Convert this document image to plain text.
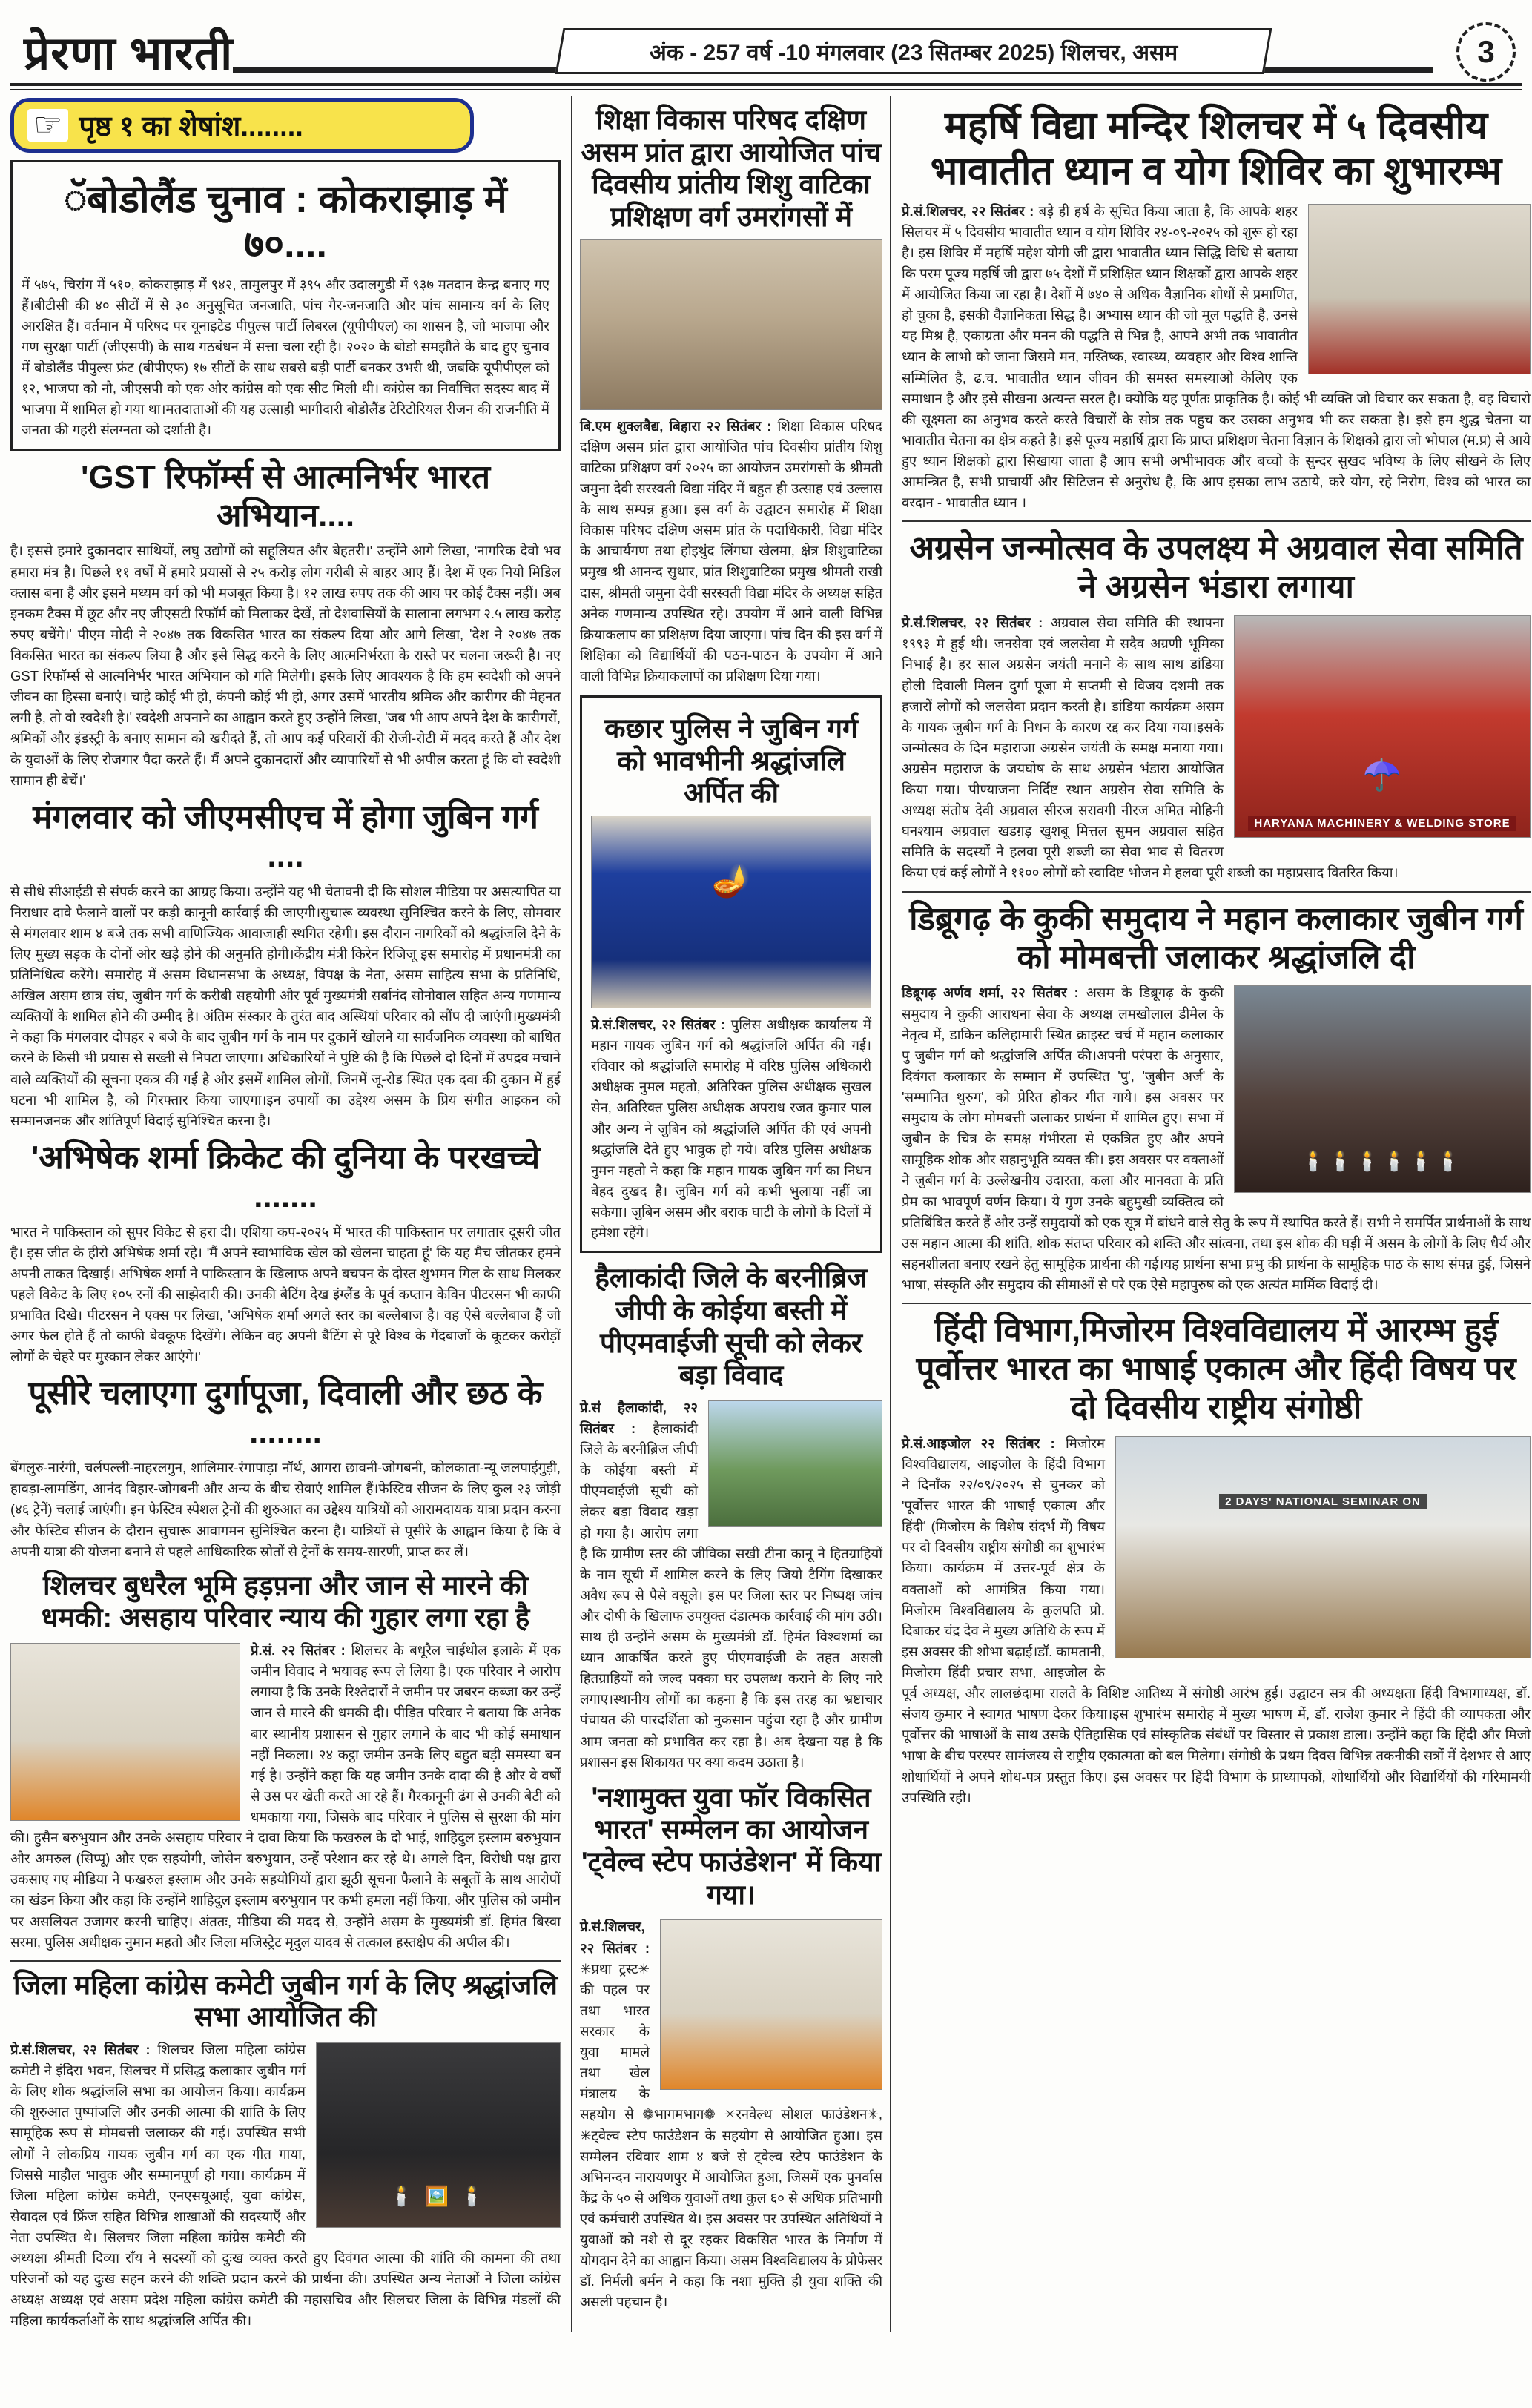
प्रेरणा भारती	अंक - 257 वर्ष -10 मंगलवार (23 सितम्बर 2025) शिलचर, असम	3
☞ पृष्ठ १ का शेषांश........
ॅबोडोलैंड चुनाव : कोकराझाड़ में ७०....
में ५७५, चिरांग में ५१०, कोकराझाड़ में ९४२, तामुलपुर में ३९५ और उदालगुडी में ९३७ मतदान केन्द्र बनाए गए हैं।बीटीसी की ४० सीटों में से ३० अनुसूचित जनजाति, पांच गैर-जनजाति और पांच सामान्य वर्ग के लिए आरक्षित हैं। वर्तमान में परिषद पर यूनाइटेड पीपुल्स पार्टी लिबरल (यूपीपीएल) का शासन है, जो भाजपा और गण सुरक्षा पार्टी (जीएसपी) के साथ गठबंधन में सत्ता चला रही है। २०२० के बोडो समझौते के बाद हुए चुनाव में बोडोलैंड पीपुल्स फ्रंट (बीपीएफ) १७ सीटों के साथ सबसे बड़ी पार्टी बनकर उभरी थी, जबकि यूपीपीएल को १२, भाजपा को नौ, जीएसपी को एक और कांग्रेस को एक सीट मिली थी। कांग्रेस का निर्वाचित सदस्य बाद में भाजपा में शामिल हो गया था।मतदाताओं की यह उत्साही भागीदारी बोडोलैंड टेरिटोरियल रीजन की राजनीति में जनता की गहरी संलग्नता को दर्शाती है।
'GST रिफॉर्म्स से आत्मनिर्भर भारत अभियान....
है। इससे हमारे दुकानदार साथियों, लघु उद्योगों को सहूलियत और बेहतरी।' उन्होंने आगे लिखा, 'नागरिक देवो भव हमारा मंत्र है। पिछले ११ वर्षों में हमारे प्रयासों से २५ करोड़ लोग गरीबी से बाहर आए हैं। देश में एक नियो मिडिल क्लास बना है और इसने मध्यम वर्ग को भी मजबूत किया है। १२ लाख रुपए तक की आय पर कोई टैक्स नहीं। अब इनकम टैक्स में छूट और नए जीएसटी रिफॉर्म को मिलाकर देखें, तो देशवासियों के सालाना लगभग २.५ लाख करोड़ रुपए बचेंगे।' पीएम मोदी ने २०४७ तक विकसित भारत का संकल्प दिया और आगे लिखा, 'देश ने २०४७ तक विकसित भारत का संकल्प लिया है और इसे सिद्ध करने के लिए आत्मनिर्भरता के रास्ते पर चलना जरूरी है। नए GST रिफॉर्म्स से आत्मनिर्भर भारत अभियान को गति मिलेगी। इसके लिए आवश्यक है कि हम स्वदेशी को अपने जीवन का हिस्सा बनाएं। चाहे कोई भी हो, कंपनी कोई भी हो, अगर उसमें भारतीय श्रमिक और कारीगर की मेहनत लगी है, तो वो स्वदेशी है।' स्वदेशी अपनाने का आह्वान करते हुए उन्होंने लिखा, 'जब भी आप अपने देश के कारीगरों, श्रमिकों और इंडस्ट्री के बनाए सामान को खरीदते हैं, तो आप कई परिवारों की रोजी-रोटी में मदद करते हैं और देश के युवाओं के लिए रोजगार पैदा करते हैं। मैं अपने दुकानदारों और व्यापारियों से भी अपील करता हूं कि वो स्वदेशी सामान ही बेचें।'
मंगलवार को जीएमसीएच में होगा जुबिन गर्ग ....
से सीधे सीआईडी से संपर्क करने का आग्रह किया। उन्होंने यह भी चेतावनी दी कि सोशल मीडिया पर असत्यापित या निराधार दावे फैलाने वालों पर कड़ी कानूनी कार्रवाई की जाएगी।सुचारू व्यवस्था सुनिश्चित करने के लिए, सोमवार से मंगलवार शाम ४ बजे तक सभी वाणिज्यिक आवाजाही स्थगित रहेगी। इस दौरान नागरिकों को श्रद्धांजलि देने के लिए मुख्य सड़क के दोनों ओर खड़े होने की अनुमति होगी।केंद्रीय मंत्री किरेन रिजिजू इस समारोह में प्रधानमंत्री का प्रतिनिधित्व करेंगे। समारोह में असम विधानसभा के अध्यक्ष, विपक्ष के नेता, असम साहित्य सभा के प्रतिनिधि, अखिल असम छात्र संघ, जुबीन गर्ग के करीबी सहयोगी और पूर्व मुख्यमंत्री सर्बानंद सोनोवाल सहित अन्य गणमान्य व्यक्तियों के शामिल होने की उम्मीद है। अंतिम संस्कार के तुरंत बाद अस्थियां परिवार को सौंप दी जाएंगी।मुख्यमंत्री ने कहा कि मंगलवार दोपहर २ बजे के बाद जुबीन गर्ग के नाम पर दुकानें खोलने या सार्वजनिक व्यवस्था को बाधित करने के किसी भी प्रयास से सख्ती से निपटा जाएगा। अधिकारियों ने पुष्टि की है कि पिछले दो दिनों में उपद्रव मचाने वाले व्यक्तियों की सूचना एकत्र की गई है और इसमें शामिल लोगों, जिनमें जू-रोड स्थित एक दवा की दुकान में हुई घटना भी शामिल है, को गिरफ्तार किया जाएगा।इन उपायों का उद्देश्य असम के प्रिय संगीत आइकन को सम्मानजनक और शांतिपूर्ण विदाई सुनिश्चित करना है।
'अभिषेक शर्मा क्रिकेट की दुनिया के परखच्चे .......
भारत ने पाकिस्तान को सुपर विकेट से हरा दी। एशिया कप-२०२५ में भारत की पाकिस्तान पर लगातार दूसरी जीत है। इस जीत के हीरो अभिषेक शर्मा रहे। 'मैं अपने स्वाभाविक खेल को खेलना चाहता हूं' कि यह मैच जीतकर हमने अपनी ताकत दिखाई। अभिषेक शर्मा ने पाकिस्तान के खिलाफ अपने बचपन के दोस्त शुभमन गिल के साथ मिलकर पहले विकेट के लिए १०५ रनों की साझेदारी की। उनकी बैटिंग देख इंग्लैंड के पूर्व कप्तान केविन पीटरसन भी काफी प्रभावित दिखे। पीटरसन ने एक्स पर लिखा, 'अभिषेक शर्मा अगले स्तर का बल्लेबाज है। वह ऐसे बल्लेबाज हैं जो अगर फेल होते हैं तो काफी बेवकूफ दिखेंगे। लेकिन वह अपनी बैटिंग से पूरे विश्व के गेंदबाजों के कूटकर करोड़ों लोगों के चेहरे पर मुस्कान लेकर आएंगे।'
पूसीरे चलाएगा दुर्गापूजा, दिवाली और छठ के ........
बेंगलुरु-नारंगी, चर्लपल्ली-नाहरलगुन, शालिमार-रंगापाड़ा नॉर्थ, आगरा छावनी-जोगबनी, कोलकाता-न्यू जलपाईगुड़ी, हावड़ा-लामडिंग, आनंद विहार-जोगबनी और अन्य के बीच सेवाएं शामिल हैं।फेस्टिव सीजन के लिए कुल २३ जोड़ी (४६ ट्रेनें) चलाई जाएंगी। इन फेस्टिव स्पेशल ट्रेनों की शुरुआत का उद्देश्य यात्रियों को आरामदायक यात्रा प्रदान करना और फेस्टिव सीजन के दौरान सुचारू आवागमन सुनिश्चित करना है। यात्रियों से पूसीरे के आह्वान किया है कि वे अपनी यात्रा की योजना बनाने से पहले आधिकारिक स्रोतों से ट्रेनों के समय-सारणी, प्राप्त कर लें।
शिलचर बुधरैल भूमि हड़प़ना और जान से मारने की धमकी: असहाय परिवार न्याय की गुहार लगा रहा है
प्रे.सं. २२ सितंबर : शिलचर के बधूरैल चाईथोल इलाके में एक जमीन विवाद ने भयावह रूप ले लिया है। एक परिवार ने आरोप लगाया है कि उनके रिश्तेदारों ने जमीन पर जबरन कब्जा कर उन्हें जान से मारने की धमकी दी। पीड़ित परिवार ने बताया कि अनेक बार स्थानीय प्रशासन से गुहार लगाने के बाद भी कोई समाधान नहीं निकला। २४ कट्ठा जमीन उनके लिए बहुत बड़ी समस्या बन गई है। उन्होंने कहा कि यह जमीन उनके दादा की है और वे वर्षों से उस पर खेती करते आ रहे हैं। गैरकानूनी ढंग से उनकी बेटी को धमकाया गया, जिसके बाद परिवार ने पुलिस से सुरक्षा की मांग की। हुसैन बरुभुयान और उनके असहाय परिवार ने दावा किया कि फखरुल के दो भाई, शाहिदुल इस्लाम बरुभुयान और अमरुल (सिप्पू) और एक सहयोगी, जोसेन बरुभुयान, उन्हें परेशान कर रहे थे। अगले दिन, विरोधी पक्ष द्वारा उकसाए गए मीडिया ने फखरुल इस्लाम और उनके सहयोगियों द्वारा झूठी सूचना फैलाने के सबूतों के साथ आरोपों का खंडन किया और कहा कि उन्होंने शाहिदुल इस्लाम बरुभुयान पर कभी हमला नहीं किया, और पुलिस को जमीन पर असलियत उजागर करनी चाहिए। अंततः, मीडिया की मदद से, उन्होंने असम के मुख्यमंत्री डॉ. हिमंत बिस्वा सरमा, पुलिस अधीक्षक नुमान महतो और जिला मजिस्ट्रेट मृदुल यादव से तत्काल हस्तक्षेप की अपील की।
जिला महिला कांग्रेस कमेटी जुबीन गर्ग के लिए श्रद्धांजलि सभा आयोजित की
🕯️ 🖼️ 🕯️
प्रे.सं.शिलचर, २२ सितंबर : शिलचर जिला महिला कांग्रेस कमेटी ने इंदिरा भवन, सिलचर में प्रसिद्ध कलाकार जुबीन गर्ग के लिए शोक श्रद्धांजलि सभा का आयोजन किया। कार्यक्रम की शुरुआत पुष्पांजलि और उनकी आत्मा की शांति के लिए सामूहिक रूप से मोमबत्ती जलाकर की गई। उपस्थित सभी लोगों ने लोकप्रिय गायक जुबीन गर्ग का एक गीत गाया, जिससे माहौल भावुक और सम्मानपूर्ण हो गया। कार्यक्रम में जिला महिला कांग्रेस कमेटी, एनएसयूआई, युवा कांग्रेस, सेवादल एवं फ्रिंज सहित विभिन्न शाखाओं की सदस्याएँ और नेता उपस्थित थे। सिलचर जिला महिला कांग्रेस कमेटी की अध्यक्षा श्रीमती दिव्या राँय ने सदस्यों को दुःख व्यक्त करते हुए दिवंगत आत्मा की शांति की कामना की तथा परिजनों को यह दुःख सहन करने की शक्ति प्रदान करने की प्रार्थना की। उपस्थित अन्य नेताओं ने जिला कांग्रेस अध्यक्ष अध्यक्ष एवं असम प्रदेश महिला कांग्रेस कमेटी की महासचिव और सिलचर जिला के विभिन्न मंडलों की महिला कार्यकर्ताओं के साथ श्रद्धांजलि अर्पित की।
शिक्षा विकास परिषद दक्षिण असम प्रांत द्वारा आयोजित पांच दिवसीय प्रांतीय शिशु वाटिका प्रशिक्षण वर्ग उमरांगसों में
बि.एम शुक्लबैद्य, बिहारा २२ सितंबर : शिक्षा विकास परिषद दक्षिण असम प्रांत द्वारा आयोजित पांच दिवसीय प्रांतीय शिशु वाटिका प्रशिक्षण वर्ग २०२५ का आयोजन उमरांगसो के श्रीमती जमुना देवी सरस्वती विद्या मंदिर में बहुत ही उत्साह एवं उल्लास के साथ सम्पन्न हुआ। इस वर्ग के उद्घाटन समारोह में शिक्षा विकास परिषद दक्षिण असम प्रांत के पदाधिकारी, विद्या मंदिर के आचार्यगण तथा होइथुंद लिंगघा खेलमा, क्षेत्र शिशुवाटिका प्रमुख श्री आनन्द सुथार, प्रांत शिशुवाटिका प्रमुख श्रीमती राखी दास, श्रीमती जमुना देवी सरस्वती विद्या मंदिर के अध्यक्ष सहित अनेक गणमान्य उपस्थित रहे। उपयोग में आने वाली विभिन्न क्रियाकलाप का प्रशिक्षण दिया जाएगा। पांच दिन की इस वर्ग में शिक्षिका को विद्यार्थियों की पठन-पाठन के उपयोग में आने वाली विभिन्न क्रियाकलापों का प्रशिक्षण दिया गया।
कछार पुलिस ने जुबिन गर्ग को भावभीनी श्रद्धांजलि अर्पित की
🪔
प्रे.सं.शिलचर, २२ सितंबर : पुलिस अधीक्षक कार्यालय में महान गायक जुबिन गर्ग को श्रद्धांजलि अर्पित की गई। रविवार को श्रद्धांजलि समारोह में वरिष्ठ पुलिस अधिकारी अधीक्षक नुमल महतो, अतिरिक्त पुलिस अधीक्षक सुखल सेन, अतिरिक्त पुलिस अधीक्षक अपराध रजत कुमार पाल और अन्य ने जुबिन को श्रद्धांजलि अर्पित की एवं अपनी श्रद्धांजलि देते हुए भावुक हो गये। वरिष्ठ पुलिस अधीक्षक नुमन महतो ने कहा कि महान गायक जुबिन गर्ग का निधन बेहद दुखद है। जुबिन गर्ग को कभी भुलाया नहीं जा सकेगा। जुबिन असम और बराक घाटी के लोगों के दिलों में हमेशा रहेंगे।
हैलाकांदी जिले के बरनीब्रिज जीपी के कोईया बस्ती में पीएमवाईजी सूची को लेकर बड़ा विवाद
प्रे.सं हैलाकांदी, २२ सितंबर : हैलाकांदी जिले के बरनीब्रिज जीपी के कोईया बस्ती में पीएमवाईजी सूची को लेकर बड़ा विवाद खड़ा हो गया है। आरोप लगा है कि ग्रामीण स्तर की जीविका सखी टीना कानू ने हितग्राहियों के नाम सूची में शामिल करने के लिए जियो टैगिंग दिखाकर अवैध रूप से पैसे वसूले। इस पर जिला स्तर पर निष्पक्ष जांच और दोषी के खिलाफ उपयुक्त दंडात्मक कार्रवाई की मांग उठी। साथ ही उन्होंने असम के मुख्यमंत्री डॉ. हिमंत विश्वशर्मा का ध्यान आकर्षित करते हुए पीएमवाईजी के तहत असली हितग्राहियों को जल्द पक्का घर उपलब्ध कराने के लिए नारे लगाए।स्थानीय लोगों का कहना है कि इस तरह का भ्रष्टाचार पंचायत की पारदर्शिता को नुकसान पहुंचा रहा है और ग्रामीण आम जनता को प्रभावित कर रहा है। अब देखना यह है कि प्रशासन इस शिकायत पर क्या कदम उठाता है।
'नशामुक्त युवा फॉर विकसित भारत' सम्मेलन का आयोजन 'ट्वेल्व स्टेप फाउंडेशन' में किया गया।
प्रे.सं.शिलचर, २२ सितंबर : ✳प्रथा ट्रस्ट✳ की पहल पर तथा भारत सरकार के युवा मामले तथा खेल मंत्रालय के सहयोग से ❁भागमभाग❁ ✳रनवेल्थ सोशल फाउंडेशन✳, ✳ट्वेल्व स्टेप फाउंडेशन के सहयोग से आयोजित हुआ। इस सम्मेलन रविवार शाम ४ बजे से ट्वेल्व स्टेप फाउंडेशन के अभिनन्दन नारायणपुर में आयोजित हुआ, जिसमें एक पुनर्वास केंद्र के ५० से अधिक युवाओं तथा कुल ६० से अधिक प्रतिभागी एवं कर्मचारी उपस्थित थे। इस अवसर पर उपस्थित अतिथियों ने युवाओं को नशे से दूर रहकर विकसित भारत के निर्माण में योगदान देने का आह्वान किया। असम विश्वविद्यालय के प्रोफेसर डॉ. निर्मली बर्मन ने कहा कि नशा मुक्ति ही युवा शक्ति की असली पहचान है।
महर्षि विद्या मन्दिर शिलचर में ५ दिवसीय भावातीत ध्यान व योग शिविर का शुभारम्भ
प्रे.सं.शिलचर, २२ सितंबर : बड़े ही हर्ष के सूचित किया जाता है, कि आपके शहर सिलचर में ५ दिवसीय भावातीत ध्यान व योग शिविर २४-०९-२०२५ को शुरू हो रहा है। इस शिविर में महर्षि महेश योगी जी द्वारा भावातीत ध्यान सिद्धि विधि से बताया कि परम पूज्य महर्षि जी द्वारा ७५ देशों में प्रशिक्षित ध्यान शिक्षकों द्वारा आपके शहर में आयोजित किया जा रहा है। देशों में ७४० से अधिक वैज्ञानिक शोधों से प्रमाणित, हो चुका है, इसकी वैज्ञानिकता सिद्ध है। अभ्यास ध्यान की जो मूल पद्धति है, उनसे यह मिश्र है, एकाग्रता और मनन की पद्धति से भिन्न है, आपने अभी तक भावातीत ध्यान के लाभो को जाना जिसमे मन, मस्तिष्क, स्वास्थ्य, व्यवहार और विश्व शान्ति सम्मिलित है, ढ.च. भावातीत ध्यान जीवन की समस्त समस्याओ केलिए एक समाधान है और इसे सीखना अत्यन्त सरल है। क्योकि यह पूर्णतः प्राकृतिक है। कोई भी व्यक्ति जो विचार कर सकता है, वह विचारो की सूक्ष्मता का अनुभव करते करते विचारों के सोत्र तक पहुच कर उसका अनुभव भी कर सकता है। इसे हम शुद्ध चेतना या भावातीत चेतना का क्षेत्र कहते है। इसे पूज्य महार्षि द्वारा कि प्राप्त प्रशिक्षण चेतना विज्ञान के शिक्षको द्वारा जो भोपाल (म.प्र) से आये हुए ध्यान शिक्षको द्वारा सिखाया जाता है आप सभी अभीभावक और बच्चो के सुन्दर सुखद भविष्य के लिए सीखने के लिए आमन्त्रित है, सभी प्राचार्यी और सिटिजन से अनुरोध है, कि आप इसका लाभ उठाये, करे योग, रहे निरोग, विश्व को भारत का वरदान - भावातीत ध्यान ।
अग्रसेन जन्मोत्सव के उपलक्ष्य मे अग्रवाल सेवा समिति ने अग्रसेन भंडारा लगाया
HARYANA MACHINERY & WELDING STORE
☂️
प्रे.सं.शिलचर, २२ सितंबर : अग्रवाल सेवा समिति की स्थापना १९९३ मे हुई थी। जनसेवा एवं जलसेवा मे सदैव अग्रणी भूमिका निभाई है। हर साल अग्रसेन जयंती मनाने के साथ साथ डांडिया होली दिवाली मिलन दुर्गा पूजा मे सप्तमी से विजय दशमी तक हजारों लोगों को जलसेवा प्रदान करती है। डांडिया कार्यक्रम असम के गायक जुबीन गर्ग के निधन के कारण रद्द कर दिया गया।इसके जन्मोत्सव के दिन महाराजा अग्रसेन जयंती के समक्ष मनाया गया। अग्रसेन महाराज के जयघोष के साथ अग्रसेन भंडारा आयोजित किया गया। पीण्याजना निर्दिष्ट स्थान अग्रसेन सेवा समिति के अध्यक्ष संतोष देवी अग्रवाल सीरज सरावगी नीरज अमित मोहिनी घनश्याम अग्रवाल खडग़ड़ खुशबू मित्तल सुमन अग्रवाल सहित समिति के सदस्यों ने हलवा पूरी शब्जी का सेवा भाव से वितरण किया एवं कई लोगों ने ११०० लोगों को स्वादिष्ट भोजन मे हलवा पूरी शब्जी का महाप्रसाद वितरित किया।
डिब्रूगढ़ के कुकी समुदाय ने महान कलाकार जुबीन गर्ग को मोमबत्ती जलाकर श्रद्धांजलि दी
🕯️🕯️🕯️🕯️🕯️🕯️
डिब्रूगढ़ अर्णव शर्मा, २२ सितंबर : असम के डिब्रूगढ़ के कुकी समुदाय ने कुकी आराधना सेवा के अध्यक्ष लमखोलाल डीमेल के नेतृत्व में, डाकिन कलिहामारी स्थित क्राइस्ट चर्च में महान कलाकार पु जुबीन गर्ग को श्रद्धांजलि अर्पित की।अपनी परंपरा के अनुसार, दिवंगत कलाकार के सम्मान में उपस्थित 'पु', 'जुबीन अर्ज' के 'सम्मानित थुरुग', को प्रेरित होकर गीत गाये। इस अवसर पर समुदाय के लोग मोमबत्ती जलाकर प्रार्थना में शामिल हुए। सभा में जुबीन के चित्र के समक्ष गंभीरता से एकत्रित हुए और अपने सामूहिक शोक और सहानुभूति व्यक्त की। इस अवसर पर वक्ताओं ने जुबीन गर्ग के उल्लेखनीय उदारता, कला और मानवता के प्रति प्रेम का भावपूर्ण वर्णन किया। ये गुण उनके बहुमुखी व्यक्तित्व को प्रतिबिंबित करते हैं और उन्हें समुदायों को एक सूत्र में बांधने वाले सेतु के रूप में स्थापित करते हैं। सभी ने समर्पित प्रार्थनाओं के साथ उस महान आत्मा की शांति, शोक संतप्त परिवार को शक्ति और सांत्वना, तथा इस शोक की घड़ी में असम के लोगों के लिए धैर्य और सहनशीलता बनाए रखने हेतु सामूहिक प्रार्थना की गई।यह प्रार्थना सभा प्रभु की प्रार्थना के सामूहिक पाठ के साथ संपन्न हुई, जिसने भाषा, संस्कृति और समुदाय की सीमाओं से परे एक ऐसे महापुरुष को एक अत्यंत मार्मिक विदाई दी।
हिंदी विभाग,मिजोरम विश्वविद्यालय में आरम्भ हुई पूर्वोत्तर भारत का भाषाई एकात्म और हिंदी विषय पर दो दिवसीय राष्ट्रीय संगोष्ठी
2 DAYS' NATIONAL SEMINAR ON
प्रे.सं.आइजोल २२ सितंबर : मिजोरम विश्वविद्यालय, आइजोल के हिंदी विभाग ने दिनाँक २२/०९/२०२५ से चुनकर को 'पूर्वोत्तर भारत की भाषाई एकात्म और हिंदी' (मिजोरम के विशेष संदर्भ में) विषय पर दो दिवसीय राष्ट्रीय संगोष्ठी का शुभारंभ किया। कार्यक्रम में उत्तर-पूर्व क्षेत्र के वक्ताओं को आमंत्रित किया गया। मिजोरम विश्वविद्यालय के कुलपति प्रो. दिबाकर चंद्र देव ने मुख्य अतिथि के रूप में इस अवसर की शोभा बढ़ाई।डॉ. कामतानी, मिजोरम हिंदी प्रचार सभा, आइजोल के पूर्व अध्यक्ष, और लालछंदामा रालते के विशिष्ट आतिथ्य में संगोष्ठी आरंभ हुई। उद्घाटन सत्र की अध्यक्षता हिंदी विभागाध्यक्ष, डॉ. संजय कुमार ने स्वागत भाषण देकर किया।इस शुभारंभ समारोह में मुख्य भाषण में, डॉ. राजेश कुमार ने हिंदी की व्यापकता और पूर्वोत्तर की भाषाओं के साथ उसके ऐतिहासिक एवं सांस्कृतिक संबंधों पर विस्तार से प्रकाश डाला। उन्होंने कहा कि हिंदी और मिजो भाषा के बीच परस्पर सामंजस्य से राष्ट्रीय एकात्मता को बल मिलेगा। संगोष्ठी के प्रथम दिवस विभिन्न तकनीकी सत्रों में देशभर से आए शोधार्थियों ने अपने शोध-पत्र प्रस्तुत किए। इस अवसर पर हिंदी विभाग के प्राध्यापकों, शोधार्थियों और विद्यार्थियों की गरिमामयी उपस्थिति रही।
